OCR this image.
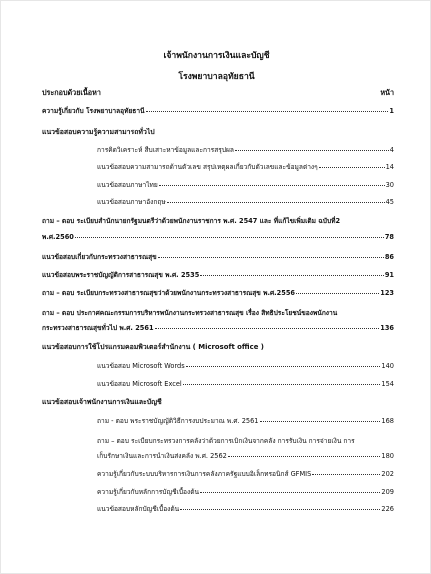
เจ้าพนักงานการเงินและบัญชี
โรงพยาบาลอุทัยธานี
ประกอบด้วยเนื้อหา	หน้า
ความรู้เกี่ยวกับ โรงพยาบาลอุทัยธานี	1
แนวข้อสอบความรู้ความสามารถทั่วไป
การคิดวิเคราะห์ สืบเสาะหาข้อมูลและการสรุปผล	4
แนวข้อสอบความสามารถด้านตัวเลข สรุปเหตุผลเกี่ยวกับตัวเลขและข้อมูลต่างๆ	14
แนวข้อสอบภาษาไทย	30
แนวข้อสอบภาษาอังกฤษ	45
ถาม – ตอบ ระเบียบสำนักนายกรัฐมนตรีว่าด้วยพนักงานราชการ พ.ศ. 2547 และ ที่แก้ไขเพิ่มเติม ฉบับที่2
พ.ศ.2560	78
แนวข้อสอบเกี่ยวกับกระทรวงสาธารณสุข	86
แนวข้อสอบพระราชบัญญัติการสาธารณสุข พ.ศ. 2535	91
ถาม – ตอบ ระเบียบกระทรวงสาธารณสุขว่าด้วยพนักงานกระทรวงสาธารณสุข พ.ศ.2556	123
ถาม – ตอบ ประกาศคณะกรรมการบริหารพนักงานกระทรวงสาธารณสุข เรื่อง สิทธิประโยชน์ของพนักงาน
กระทรวงสาธารณสุขทั่วไป พ.ศ. 2561	136
แนวข้อสอบการใช้โปรแกรมคอมพิวเตอร์สำนักงาน ( Microsoft office )
แนวข้อสอบ Microsoft Words	140
แนวข้อสอบ Microsoft Excel	154
แนวข้อสอบเจ้าพนักงานการเงินและบัญชี
ถาม - ตอบ พระราชบัญญัติวิธีการงบประมาณ พ.ศ. 2561	168
ถาม – ตอบ ระเบียบกระทรวงการคลังว่าด้วยการเบิกเงินจากคลัง การรับเงิน การจ่ายเงิน การ
เก็บรักษาเงินและการนำเงินส่งคลัง พ.ศ. 2562	180
ความรู้เกี่ยวกับระบบบริหารการเงินการคลังภาครัฐแบบอิเล็กทรอนิกส์ GFMIS	202
ความรู้เกี่ยวกับหลักการบัญชีเบื้องต้น	209
แนวข้อสอบหลักบัญชีเบื้องต้น	226
